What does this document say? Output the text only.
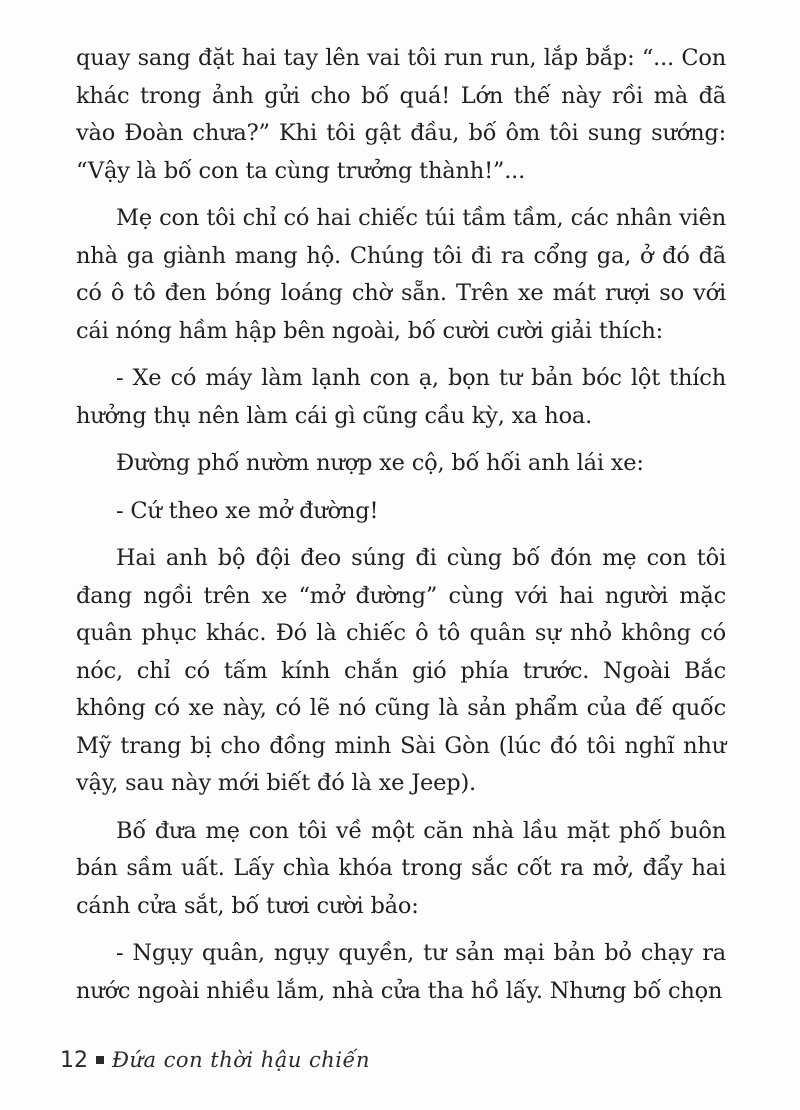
quay sang đặt hai tay lên vai tôi run run, lắp bắp: “... Con khác trong ảnh gửi cho bố quá! Lớn thế này rồi mà đã vào Đoàn chưa?” Khi tôi gật đầu, bố ôm tôi sung sướng: “Vậy là bố con ta cùng trưởng thành!”...

Mẹ con tôi chỉ có hai chiếc túi tầm tầm, các nhân viên nhà ga giành mang hộ. Chúng tôi đi ra cổng ga, ở đó đã có ô tô đen bóng loáng chờ sẵn. Trên xe mát rượi so với cái nóng hầm hập bên ngoài, bố cười cười giải thích:

- Xe có máy làm lạnh con ạ, bọn tư bản bóc lột thích hưởng thụ nên làm cái gì cũng cầu kỳ, xa hoa.

Đường phố nườm nượp xe cộ, bố hối anh lái xe:

- Cứ theo xe mở đường!

Hai anh bộ đội đeo súng đi cùng bố đón mẹ con tôi đang ngồi trên xe “mở đường” cùng với hai người mặc quân phục khác. Đó là chiếc ô tô quân sự nhỏ không có nóc, chỉ có tấm kính chắn gió phía trước. Ngoài Bắc không có xe này, có lẽ nó cũng là sản phẩm của đế quốc Mỹ trang bị cho đồng minh Sài Gòn (lúc đó tôi nghĩ như vậy, sau này mới biết đó là xe Jeep).

Bố đưa mẹ con tôi về một căn nhà lầu mặt phố buôn bán sầm uất. Lấy chìa khóa trong sắc cốt ra mở, đẩy hai cánh cửa sắt, bố tươi cười bảo:

- Ngụy quân, ngụy quyền, tư sản mại bản bỏ chạy ra nước ngoài nhiều lắm, nhà cửa tha hồ lấy. Nhưng bố chọn

12 Đứa con thời hậu chiến
